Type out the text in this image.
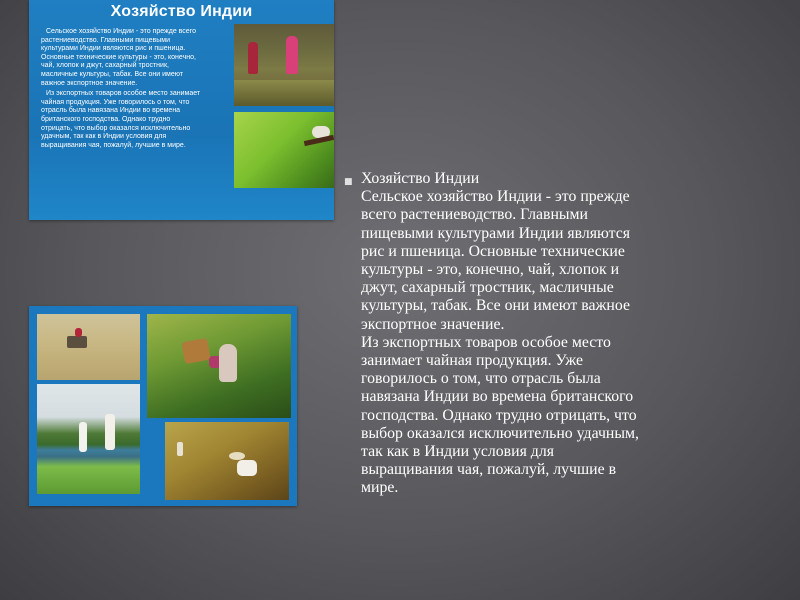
Хозяйство Индии

Сельское хозяйство Индии - это прежде всего растениеводство. Главными пищевыми культурами Индии являются рис и пшеница. Основные технические культуры - это, конечно, чай, хлопок и джут, сахарный тростник, масличные культуры, табак. Все они имеют важное экспортное значение.

Из экспортных товаров особое место занимает чайная продукция. Уже говорилось о том, что отрасль была навязана Индии во времена британского господства. Однако трудно отрицать, что выбор оказался исключительно удачным, так как в Индии условия для выращивания чая, пожалуй, лучшие в мире.

■ Хозяйство Индии
Сельское хозяйство Индии - это прежде
всего растениеводство. Главными
пищевыми культурами Индии являются
рис и пшеница. Основные технические
культуры - это, конечно, чай, хлопок и
джут, сахарный тростник, масличные
культуры, табак. Все они имеют важное
экспортное значение.
Из экспортных товаров особое место
занимает чайная продукция. Уже
говорилось о том, что отрасль была
навязана Индии во времена британского
господства. Однако трудно отрицать, что
выбор оказался исключительно удачным,
так как в Индии условия для
выращивания чая, пожалуй, лучшие в
мире.
